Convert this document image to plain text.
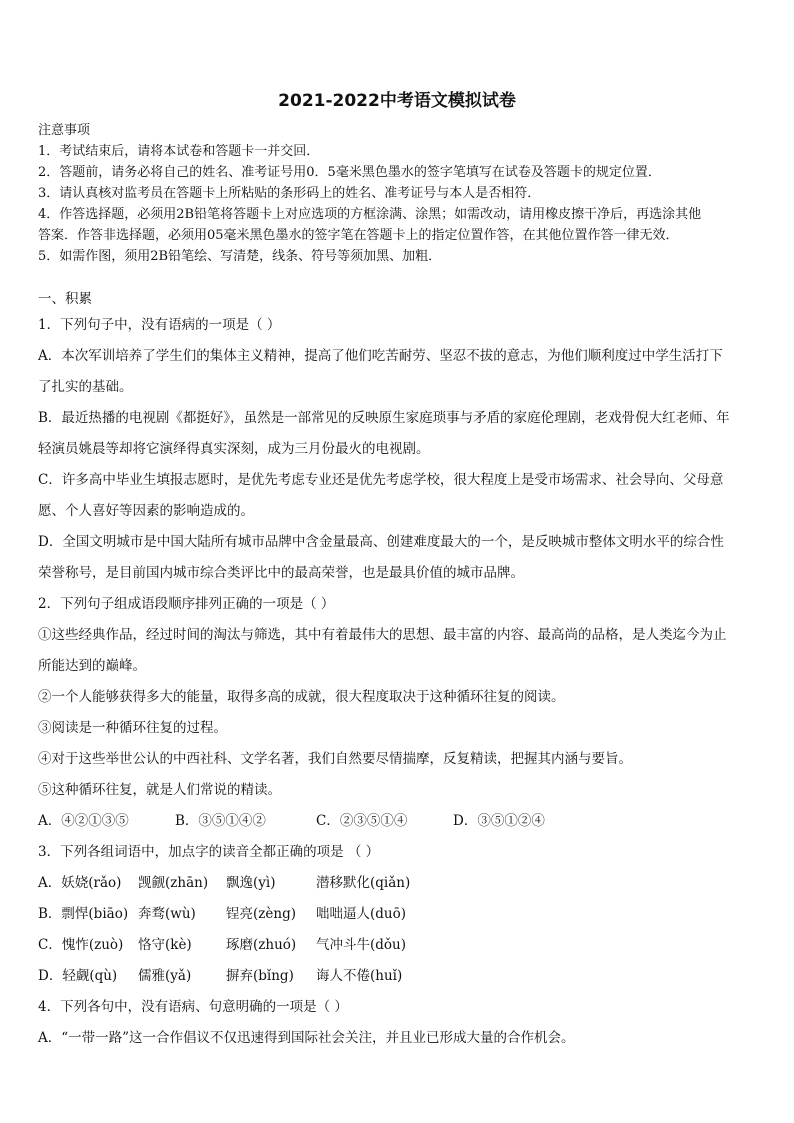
2021-2022中考语文模拟试卷
注意事项
1．考试结束后，请将本试卷和答题卡一并交回．
2．答题前，请务必将自己的姓名、准考证号用0．5毫米黑色墨水的签字笔填写在试卷及答题卡的规定位置．
3．请认真核对监考员在答题卡上所粘贴的条形码上的姓名、准考证号与本人是否相符．
4．作答选择题，必须用2B铅笔将答题卡上对应选项的方框涂满、涂黑；如需改动，请用橡皮擦干净后，再选涂其他
答案．作答非选择题，必须用05毫米黑色墨水的签字笔在答题卡上的指定位置作答，在其他位置作答一律无效．
5．如需作图，须用2B铅笔绘、写清楚，线条、符号等须加黑、加粗．
一、积累
1．下列句子中，没有语病的一项是（ ）
A．本次军训培养了学生们的集体主义精神，提高了他们吃苦耐劳、坚忍不拔的意志，为他们顺利度过中学生活打下
了扎实的基础。
B．最近热播的电视剧《都挺好》，虽然是一部常见的反映原生家庭琐事与矛盾的家庭伦理剧，老戏骨倪大红老师、年
轻演员姚晨等却将它演绎得真实深刻，成为三月份最火的电视剧。
C．许多高中毕业生填报志愿时，是优先考虑专业还是优先考虑学校，很大程度上是受市场需求、社会导向、父母意
愿、个人喜好等因素的影响造成的。
D．全国文明城市是中国大陆所有城市品牌中含金量最高、创建难度最大的一个，是反映城市整体文明水平的综合性
荣誉称号，是目前国内城市综合类评比中的最高荣誉，也是最具价值的城市品牌。
2．下列句子组成语段顺序排列正确的一项是（ ）
①这些经典作品，经过时间的淘汰与筛选，其中有着最伟大的思想、最丰富的内容、最高尚的品格，是人类迄今为止
所能达到的巅峰。
②一个人能够获得多大的能量，取得多高的成就，很大程度取决于这种循环往复的阅读。
③阅读是一种循环往复的过程。
④对于这些举世公认的中西社科、文学名著，我们自然要尽情揣摩，反复精读，把握其内涵与要旨。
⑤这种循环往复，就是人们常说的精读。
A．④②①③⑤	B．③⑤①④②	C．②③⑤①④	D．③⑤①②④
3．下列各组词语中，加点字的读音全都正确的项是 （ ）
A．妖娆(rǎo)	觊觎(zhān)	飘逸(yì)	潜移默化(qiǎn)
B．剽悍(biāo) 奔骛(wù)	锃亮(zèng)	咄咄逼人(duō)
C．愧怍(zuò)	恪守(kè)	琢磨(zhuó)	气冲斗牛(dǒu)
D．轻觑(qù)	儒雅(yǎ)	摒弃(bǐng)	诲人不倦(huǐ)
4．下列各句中，没有语病、句意明确的一项是（ ）
A．“一带一路”这一合作倡议不仅迅速得到国际社会关注，并且业已形成大量的合作机会。
